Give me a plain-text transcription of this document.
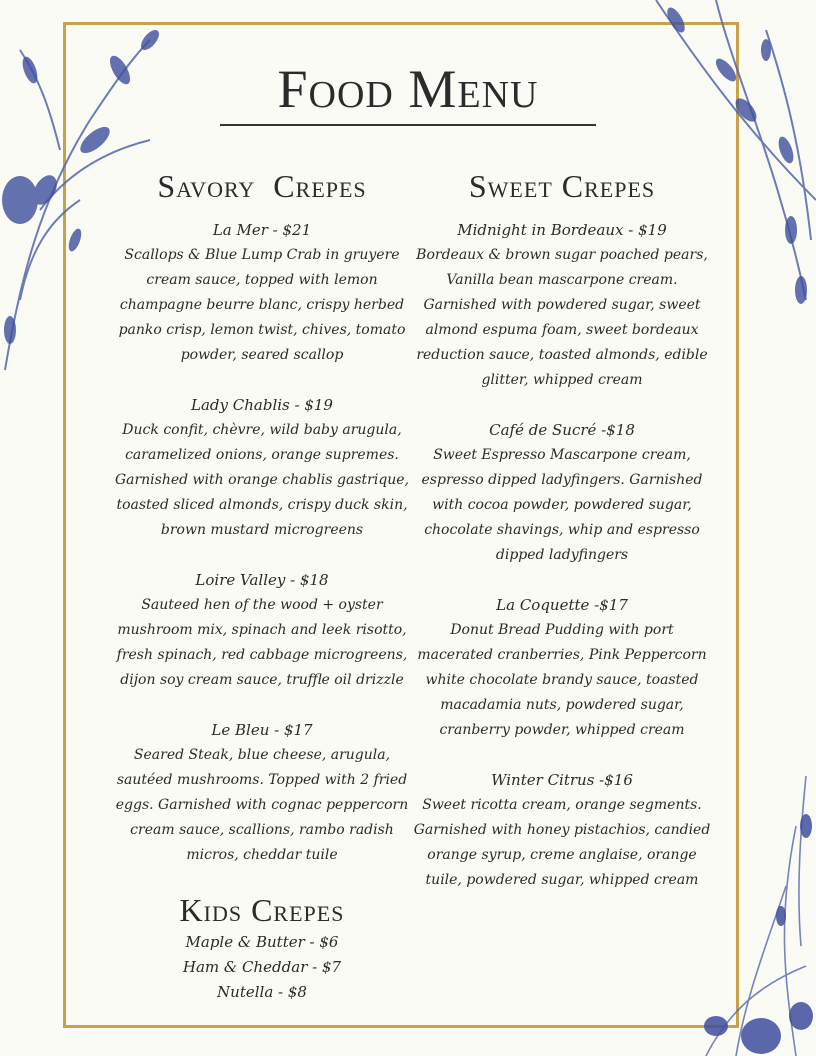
Food Menu
Savory  Crepes
La Mer - $21
Scallops & Blue Lump Crab in gruyere cream sauce, topped with lemon champagne beurre blanc, crispy herbed panko crisp, lemon twist, chives, tomato powder, seared scallop
Lady Chablis - $19
Duck confit, chèvre, wild baby arugula, caramelized onions, orange supremes. Garnished with orange chablis gastrique, toasted sliced almonds, crispy duck skin, brown mustard microgreens
Loire Valley - $18
Sauteed hen of the wood + oyster mushroom mix, spinach and leek risotto, fresh spinach, red cabbage microgreens, dijon soy cream sauce, truffle oil drizzle
Le Bleu - $17
Seared Steak, blue cheese, arugula, sautéed mushrooms. Topped with 2 fried eggs. Garnished with cognac peppercorn cream sauce, scallions, rambo radish micros, cheddar tuile
Sweet Crepes
Midnight in Bordeaux - $19
Bordeaux & brown sugar poached pears, Vanilla bean mascarpone cream. Garnished with powdered sugar, sweet almond espuma foam, sweet bordeaux reduction sauce, toasted almonds, edible glitter, whipped cream
Café de Sucré -$18
Sweet Espresso Mascarpone cream, espresso dipped ladyfingers. Garnished with cocoa powder, powdered sugar, chocolate shavings, whip and espresso dipped ladyfingers
La Coquette -$17
Donut Bread Pudding with port macerated cranberries, Pink Peppercorn white chocolate brandy sauce, toasted macadamia nuts, powdered sugar, cranberry powder, whipped cream
Winter Citrus -$16
Sweet ricotta cream, orange segments. Garnished with honey pistachios, candied orange syrup, creme anglaise, orange tuile, powdered sugar, whipped cream
Kids Crepes
Maple & Butter - $6
Ham & Cheddar - $7
Nutella - $8
